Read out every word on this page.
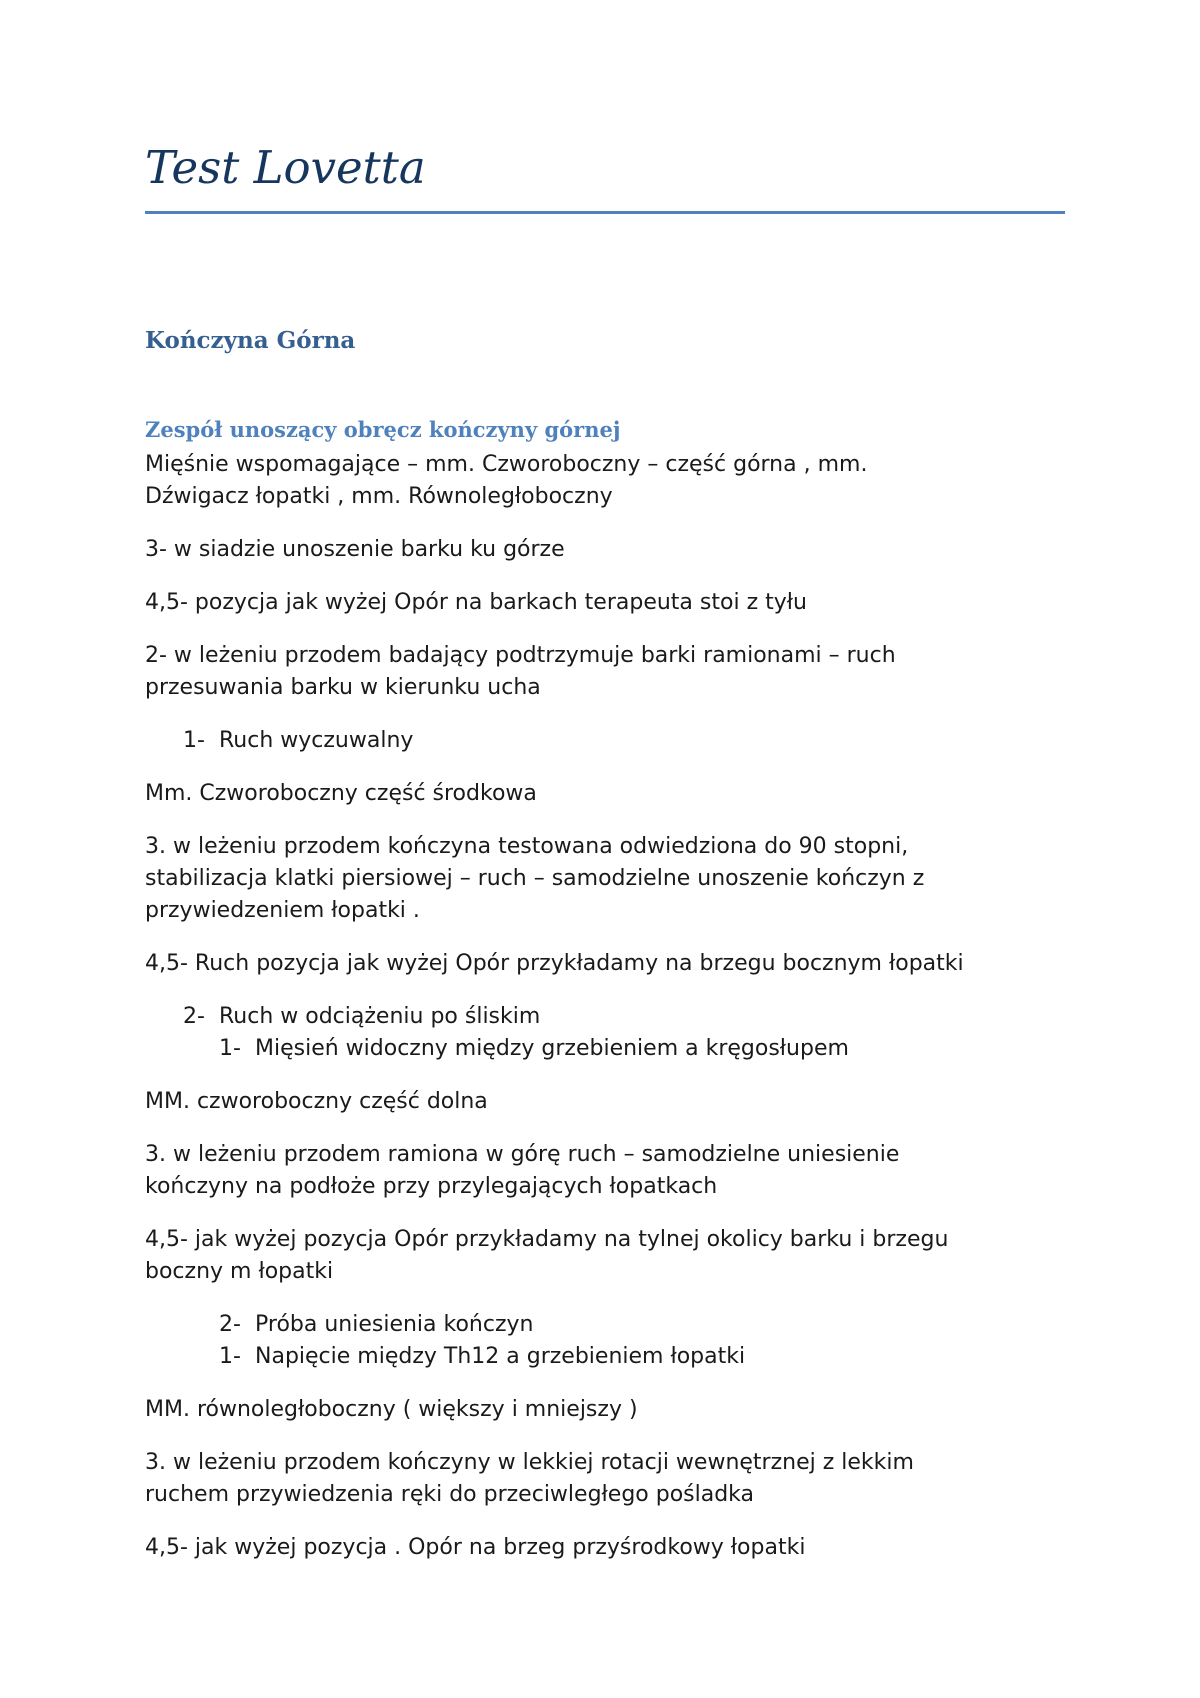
Test Lovetta
Kończyna Górna
Zespół unoszący obręcz kończyny górnej
Mięśnie wspomagające – mm. Czworoboczny – część górna , mm.
Dźwigacz łopatki , mm. Równoległoboczny
3- w siadzie unoszenie barku ku górze
4,5- pozycja jak wyżej Opór na barkach terapeuta stoi z tyłu
2- w leżeniu przodem badający podtrzymuje barki ramionami – ruch
przesuwania barku w kierunku ucha
1- Ruch wyczuwalny
Mm. Czworoboczny część środkowa
3. w leżeniu przodem kończyna testowana odwiedziona do 90 stopni,
stabilizacja klatki piersiowej – ruch – samodzielne unoszenie kończyn z
przywiedzeniem łopatki .
4,5- Ruch pozycja jak wyżej Opór przykładamy na brzegu bocznym łopatki
2- Ruch w odciążeniu po śliskim
1- Mięsień widoczny między grzebieniem a kręgosłupem
MM. czworoboczny część dolna
3. w leżeniu przodem ramiona w górę ruch – samodzielne uniesienie
kończyny na podłoże przy przylegających łopatkach
4,5- jak wyżej pozycja Opór przykładamy na tylnej okolicy barku i brzegu
boczny m łopatki
2- Próba uniesienia kończyn
1- Napięcie między Th12 a grzebieniem łopatki
MM. równoległoboczny ( większy i mniejszy )
3. w leżeniu przodem kończyny w lekkiej rotacji wewnętrznej z lekkim
ruchem przywiedzenia ręki do przeciwległego pośladka
4,5- jak wyżej pozycja . Opór na brzeg przyśrodkowy łopatki
